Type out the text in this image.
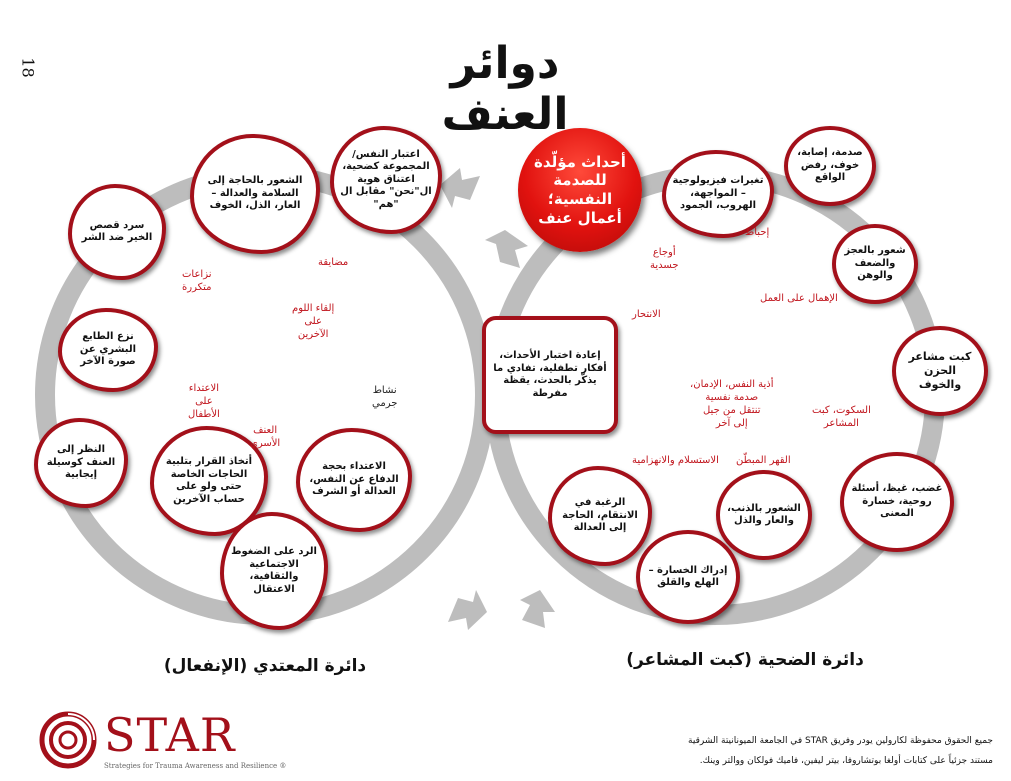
دوائر العنف
18
أحداث مؤلّدة للصدمة النفسية؛ أعمال عنف
صدمة، إصابة، خوف، رفض الواقع
تغيرات فيزيولوجية – المواجهة، الهروب، الجمود
شعور بالعجز والضعف والوهن
كبت مشاعر الحزن والخوف
غضب، غيظ، أسئلة روحية، خسارة المعنى
الشعور بالذنب، والعار والذل
إدراك الخسارة – الهلع والقلق
الرغبة في الانتقام، الحاجة إلى العدالة
إعادة اختبار الأحداث، أفكار تطفلية، تفادي ما يذكّر بالحدث، يقظة مفرطة
إحباط
أوجاع
جسدية
الإهمال على العمل
الانتحار
أذية النفس، الإدمان،
صدمة نفسية
تنتقل من جيل
إلى آخر
السكوت، كبت
المشاعر
الاستسلام والانهزامية القهر المبطّن
اعتبار النفس/المجموعة كضحية، اعتناق هوية ال"نحن" مقابل ال "هم"
الشعور بالحاجة إلى السلامة والعدالة – العار، الذل، الخوف
سرد قصص الخير ضد الشر
نزع الطابع البشري عن صورة الآخر
النظر إلى العنف كوسيلة إيجابية
أتخاذ القرار بتلبية الحاجات الخاصة حتى ولو على حساب الآخرين
الرد على الضغوط الاجتماعية والثقافية، الاعتقال
الاعتداء بحجة الدفاع عن النفس، العدالة أو الشرف
مضايقة
نزاعات
متكررة
إلقاء اللوم
على
الآخرين
الاعتداء
على
الأطفال
نشاط
جرمي
العنف
الأسري
دائرة المعتدي (الإنفعال)	دائرة الضحية (كبت المشاعر)
STAR
Strategies for Trauma Awareness and Resilience ®
جميع الحقوق محفوظة لكارولين يودر وفريق STAR في الجامعة الميونانيتة الشرقية
مستند جزئياً على كتابات أولغا بوتشاروفا، بيتر ليفين، فاميك فولكان ووالتر وينك.
